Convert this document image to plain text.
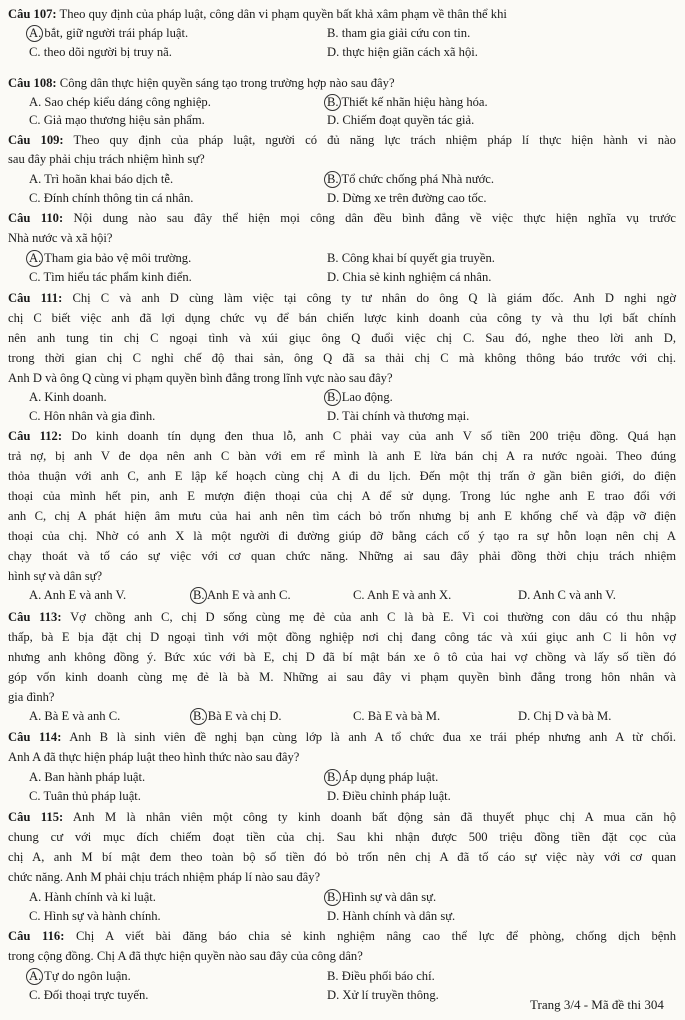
Câu 107: Theo quy định của pháp luật, công dân vi phạm quyền bất khả xâm phạm về thân thể khi
A. bắt, giữ người trái pháp luật.	B. tham gia giải cứu con tin.
C. theo dõi người bị truy nã.	D. thực hiện giãn cách xã hội.
Câu 108: Công dân thực hiện quyền sáng tạo trong trường hợp nào sau đây?
A. Sao chép kiểu dáng công nghiệp.	B. Thiết kế nhãn hiệu hàng hóa.
C. Giả mạo thương hiệu sản phẩm.	D. Chiếm đoạt quyền tác giả.
Câu 109: Theo quy định của pháp luật, người có đủ năng lực trách nhiệm pháp lí thực hiện hành vi nào
sau đây phải chịu trách nhiệm hình sự?
A. Trì hoãn khai báo dịch tễ.	B. Tổ chức chống phá Nhà nước.
C. Đính chính thông tin cá nhân.	D. Dừng xe trên đường cao tốc.
Câu 110: Nội dung nào sau đây thể hiện mọi công dân đều bình đẳng về việc thực hiện nghĩa vụ trước
Nhà nước và xã hội?
A. Tham gia bảo vệ môi trường.	B. Công khai bí quyết gia truyền.
C. Tìm hiểu tác phẩm kinh điển.	D. Chia sẻ kinh nghiệm cá nhân.
Câu 111: Chị C và anh D cùng làm việc tại công ty tư nhân do ông Q là giám đốc. Anh D nghi ngờ
chị C biết việc anh đã lợi dụng chức vụ để bán chiến lược kinh doanh của công ty và thu lợi bất chính
nên anh tung tin chị C ngoại tình và xúi giục ông Q đuổi việc chị C. Sau đó, nghe theo lời anh D,
trong thời gian chị C nghỉ chế độ thai sản, ông Q đã sa thải chị C mà không thông báo trước với chị.
Anh D và ông Q cùng vi phạm quyền bình đẳng trong lĩnh vực nào sau đây?
A. Kinh doanh.	B. Lao động.
C. Hôn nhân và gia đình.	D. Tài chính và thương mại.
Câu 112: Do kinh doanh tín dụng đen thua lỗ, anh C phải vay của anh V số tiền 200 triệu đồng. Quá hạn
trả nợ, bị anh V đe dọa nên anh C bàn với em rể mình là anh E lừa bán chị A ra nước ngoài. Theo đúng
thỏa thuận với anh C, anh E lập kế hoạch cùng chị A đi du lịch. Đến một thị trấn ở gần biên giới, do điện
thoại của mình hết pin, anh E mượn điện thoại của chị A để sử dụng. Trong lúc nghe anh E trao đổi với
anh C, chị A phát hiện âm mưu của hai anh nên tìm cách bỏ trốn nhưng bị anh E khống chế và đập vỡ điện
thoại của chị. Nhờ có anh X là một người đi đường giúp đỡ bằng cách cố ý tạo ra sự hỗn loạn nên chị A
chạy thoát và tố cáo sự việc với cơ quan chức năng. Những ai sau đây phải đồng thời chịu trách nhiệm
hình sự và dân sự?
A. Anh E và anh V.	B. Anh E và anh C.	C. Anh E và anh X.	D. Anh C và anh V.
Câu 113: Vợ chồng anh C, chị D sống cùng mẹ đẻ của anh C là bà E. Vì coi thường con dâu có thu nhập
thấp, bà E bịa đặt chị D ngoại tình với một đồng nghiệp nơi chị đang công tác và xúi giục anh C li hôn vợ
nhưng anh không đồng ý. Bức xúc với bà E, chị D đã bí mật bán xe ô tô của hai vợ chồng và lấy số tiền đó
góp vốn kinh doanh cùng mẹ đẻ là bà M. Những ai sau đây vi phạm quyền bình đẳng trong hôn nhân và
gia đình?
A. Bà E và anh C.	B. Bà E và chị D.	C. Bà E và bà M.	D. Chị D và bà M.
Câu 114: Anh B là sinh viên đề nghị bạn cùng lớp là anh A tổ chức đua xe trái phép nhưng anh A từ chối.
Anh A đã thực hiện pháp luật theo hình thức nào sau đây?
A. Ban hành pháp luật.	B. Áp dụng pháp luật.
C. Tuân thủ pháp luật.	D. Điều chỉnh pháp luật.
Câu 115: Anh M là nhân viên một công ty kinh doanh bất động sản đã thuyết phục chị A mua căn hộ
chung cư với mục đích chiếm đoạt tiền của chị. Sau khi nhận được 500 triệu đồng tiền đặt cọc của
chị A, anh M bí mật đem theo toàn bộ số tiền đó bỏ trốn nên chị A đã tố cáo sự việc này với cơ quan
chức năng. Anh M phải chịu trách nhiệm pháp lí nào sau đây?
A. Hành chính và kỉ luật.	B. Hình sự và dân sự.
C. Hình sự và hành chính.	D. Hành chính và dân sự.
Câu 116: Chị A viết bài đăng báo chia sẻ kinh nghiệm nâng cao thể lực để phòng, chống dịch bệnh
trong cộng đồng. Chị A đã thực hiện quyền nào sau đây của công dân?
A. Tự do ngôn luận.	B. Điều phối báo chí.
C. Đối thoại trực tuyến.	D. Xử lí truyền thông.
Trang 3/4 - Mã đề thi 304
